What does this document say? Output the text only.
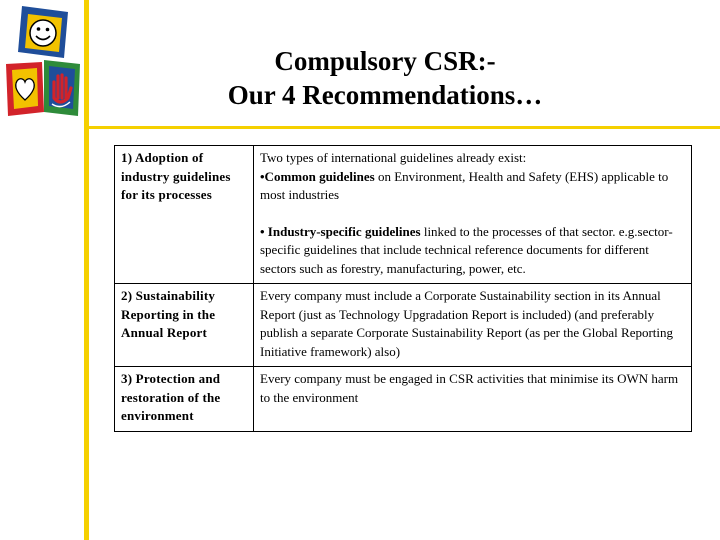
Compulsory CSR:-
Our 4 Recommendations…
1) Adoption of industry guidelines for its processes	Two types of international guidelines already exist:

•Common guidelines on Environment, Health and Safety (EHS) applicable to most industries

• Industry-specific guidelines linked to the processes of that sector. e.g.sector-specific guidelines that include technical reference documents for different sectors such as forestry, manufacturing, power, etc.

2) Sustainability Reporting in the Annual Report	Every company must include a Corporate Sustainability section in its Annual Report (just as Technology Upgradation Report is included) (and preferably publish a separate Corporate Sustainability Report (as per the Global Reporting Initiative framework) also)
3) Protection and restoration of the environment	Every company must be engaged in CSR activities that minimise its OWN harm to the environment
